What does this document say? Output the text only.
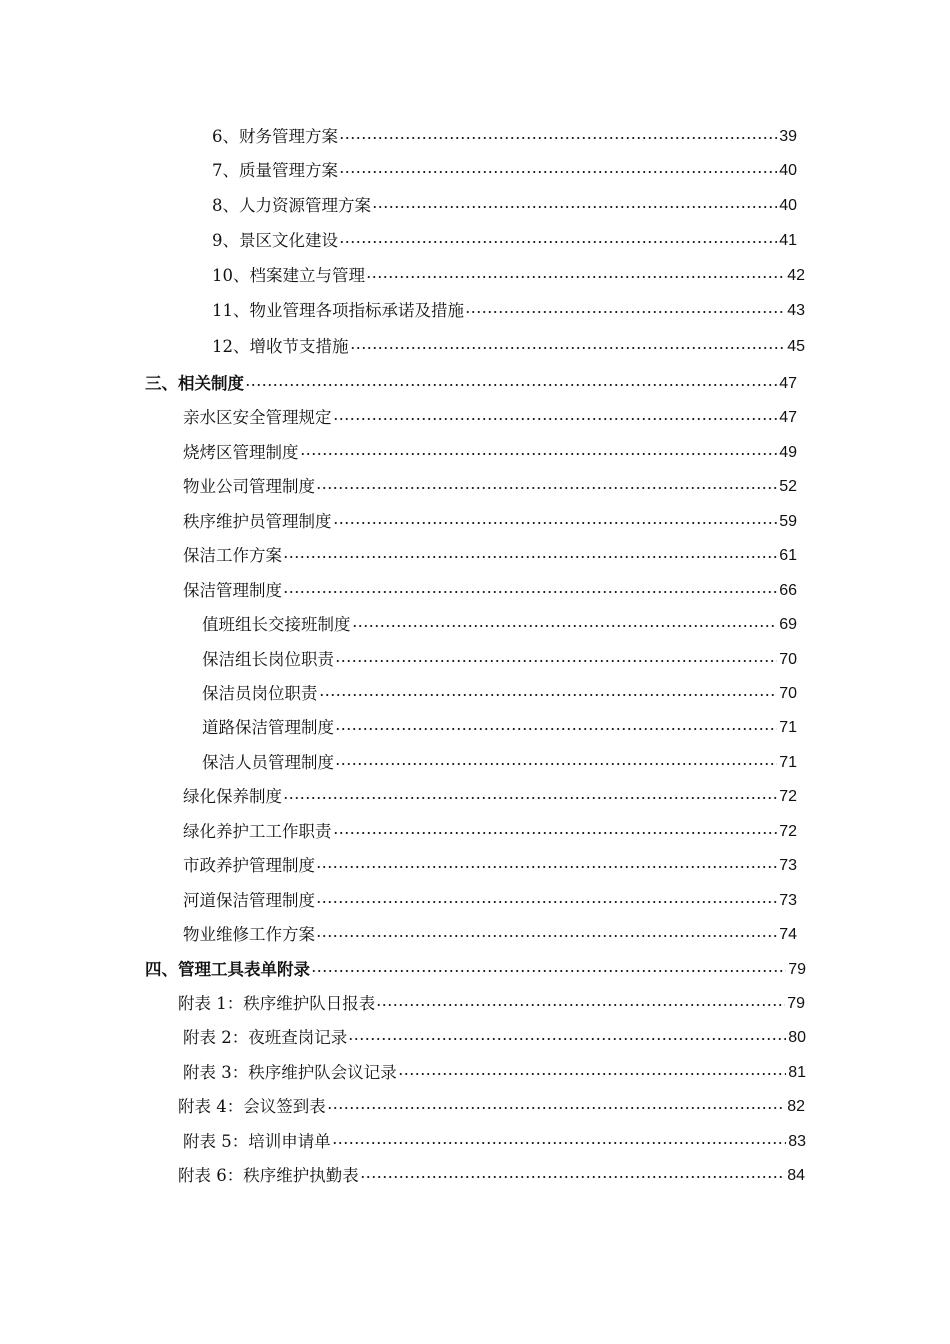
6、财务管理方案	39
7、质量管理方案	40
8、人力资源管理方案	40
9、景区文化建设	41
10、档案建立与管理	42
11、物业管理各项指标承诺及措施	43
12、增收节支措施	45
三、相关制度	47
亲水区安全管理规定	47
烧烤区管理制度	49
物业公司管理制度	52
秩序维护员管理制度	59
保洁工作方案	61
保洁管理制度	66
值班组长交接班制度	69
保洁组长岗位职责	70
保洁员岗位职责	70
道路保洁管理制度	71
保洁人员管理制度	71
绿化保养制度	72
绿化养护工工作职责	72
市政养护管理制度	73
河道保洁管理制度	73
物业维修工作方案	74
四、管理工具表单附录	79
附表 1：秩序维护队日报表	79
附表 2：夜班查岗记录	80
附表 3：秩序维护队会议记录	81
附表 4：会议签到表	82
附表 5：培训申请单	83
附表 6：秩序维护执勤表	84
